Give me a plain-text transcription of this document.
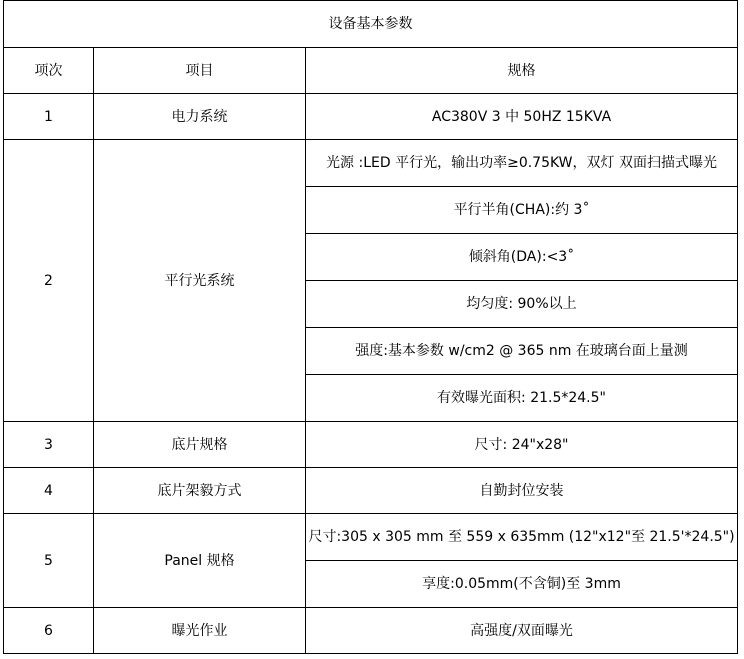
设备基本参数		
项次	项目	规格
1	电力系统	AC380V 3 中 50HZ 15KVA
2	平行光系统	光源 :LED 平行光，输出功率≥0.75KW，双灯 双面扫描式曝光
		平行半角(CHA):约 3˚
		倾斜角(DA):<3˚
		均匀度: 90%以上
		强度:基本参数 w/cm2 @ 365 nm 在玻璃台面上量测
		有效曝光面积: 21.5*24.5"
3	底片规格	尺寸: 24"x28"
4	底片架毅方式	自勤封位安装
5	Panel 规格	尺寸:305 x 305 mm 至 559 x 635mm (12"x12"至 21.5'*24.5")
		享度:0.05mm(不含铜)至 3mm
6	曝光作业	高强度/双面曝光
